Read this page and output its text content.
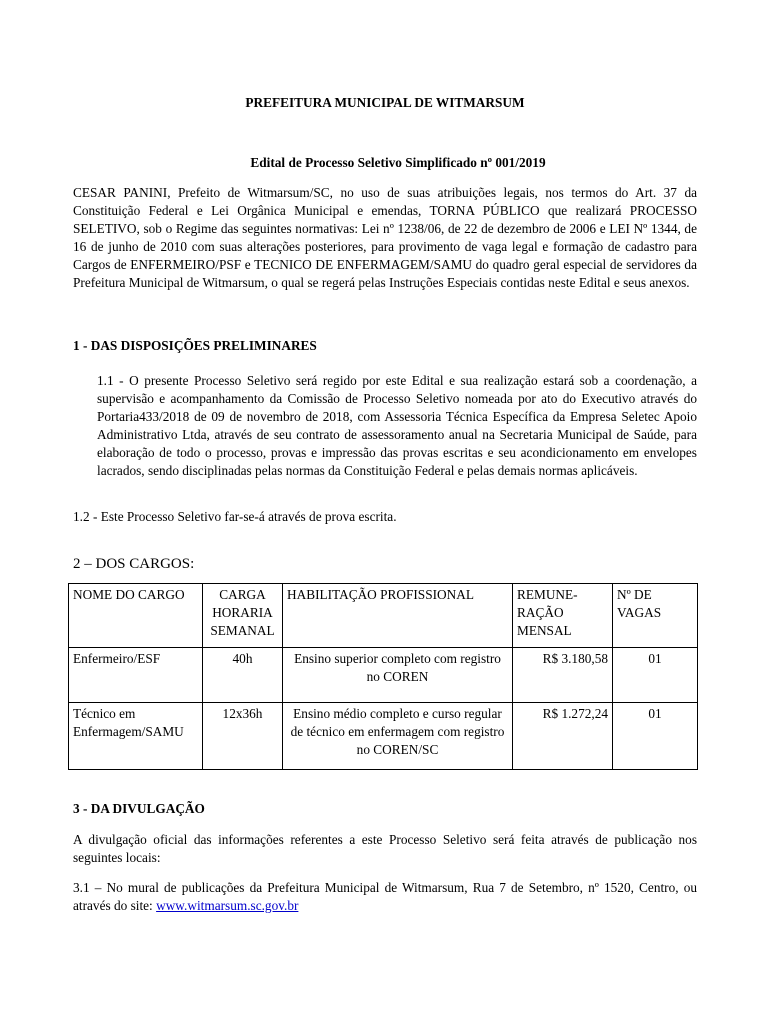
PREFEITURA MUNICIPAL DE WITMARSUM
Edital de Processo Seletivo Simplificado nº 001/2019

CESAR PANINI, Prefeito de Witmarsum/SC, no uso de suas atribuições legais, nos termos do Art. 37 da Constituição Federal e Lei Orgânica Municipal e emendas, TORNA PÚBLICO que realizará PROCESSO SELETIVO, sob o Regime das seguintes normativas: Lei nº 1238/06, de 22 de dezembro de 2006 e LEI Nº 1344, de 16 de junho de 2010 com suas alterações posteriores, para provimento de vaga legal e formação de cadastro para Cargos de ENFERMEIRO/PSF e TECNICO DE ENFERMAGEM/SAMU do quadro geral especial de servidores da Prefeitura Municipal de Witmarsum, o qual se regerá pelas Instruções Especiais contidas neste Edital e seus anexos.

1 - DAS DISPOSIÇÕES PRELIMINARES

1.1 - O presente Processo Seletivo será regido por este Edital e sua realização estará sob a coordenação, a supervisão e acompanhamento da Comissão de Processo Seletivo nomeada por ato do Executivo através do Portaria433/2018 de 09 de novembro de 2018, com Assessoria Técnica Específica da Empresa Seletec Apoio Administrativo Ltda, através de seu contrato de assessoramento anual na Secretaria Municipal de Saúde, para elaboração de todo o processo, provas e impressão das provas escritas e seu acondicionamento em envelopes lacrados, sendo disciplinadas pelas normas da Constituição Federal e pelas demais normas aplicáveis.

1.2 - Este Processo Seletivo far-se-á através de prova escrita.

2 – DOS CARGOS:
NOME DO CARGO	CARGA HORARIA SEMANAL	HABILITAÇÃO PROFISSIONAL	REMUNE-RAÇÃO MENSAL	Nº DE VAGAS
Enfermeiro/ESF	40h	Ensino superior completo com registro no COREN	R$ 3.180,58	01
Técnico em Enfermagem/SAMU	12x36h	Ensino médio completo e curso regular de técnico em enfermagem com registro no COREN/SC	R$ 1.272,24	01
3 - DA DIVULGAÇÃO

A divulgação oficial das informações referentes a este Processo Seletivo será feita através de publicação nos seguintes locais:

3.1 – No mural de publicações da Prefeitura Municipal de Witmarsum, Rua 7 de Setembro, nº 1520, Centro, ou através do site: www.witmarsum.sc.gov.br
